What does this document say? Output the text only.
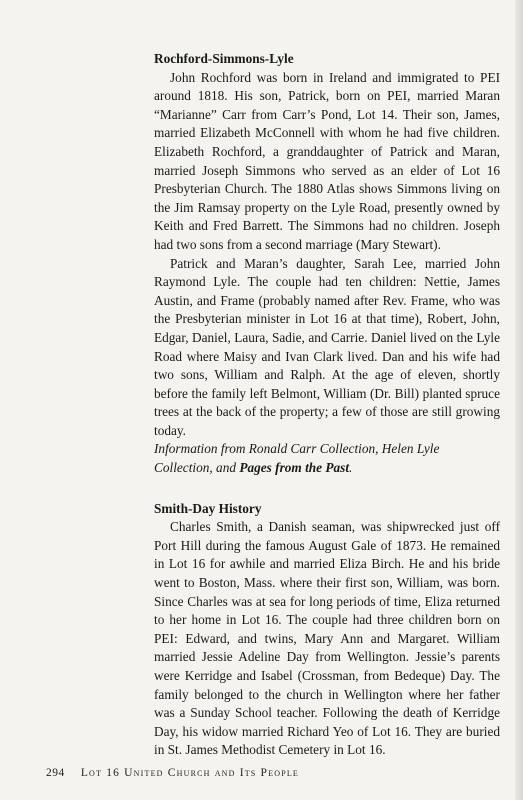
Rochford-Simmons-Lyle

John Rochford was born in Ireland and immigrated to PEI around 1818. His son, Patrick, born on PEI, married Maran “Marianne” Carr from Carr’s Pond, Lot 14. Their son, James, married Elizabeth McConnell with whom he had five children. Elizabeth Rochford, a granddaughter of Patrick and Maran, married Joseph Simmons who served as an elder of Lot 16 Presbyterian Church. The 1880 Atlas shows Simmons living on the Jim Ramsay property on the Lyle Road, presently owned by Keith and Fred Barrett. The Simmons had no children. Joseph had two sons from a second marriage (Mary Stewart).

Patrick and Maran’s daughter, Sarah Lee, married John Raymond Lyle. The couple had ten children: Nettie, James Austin, and Frame (probably named after Rev. Frame, who was the Presbyterian minister in Lot 16 at that time), Robert, John, Edgar, Daniel, Laura, Sadie, and Carrie. Daniel lived on the Lyle Road where Maisy and Ivan Clark lived. Dan and his wife had two sons, William and Ralph. At the age of eleven, shortly before the family left Belmont, William (Dr. Bill) planted spruce trees at the back of the property; a few of those are still growing today.

Information from Ronald Carr Collection, Helen Lyle Collection, and Pages from the Past.

Smith-Day History

Charles Smith, a Danish seaman, was shipwrecked just off Port Hill during the famous August Gale of 1873. He remained in Lot 16 for awhile and married Eliza Birch. He and his bride went to Boston, Mass. where their first son, William, was born. Since Charles was at sea for long periods of time, Eliza returned to her home in Lot 16. The couple had three children born on PEI: Edward, and twins, Mary Ann and Margaret. William married Jessie Adeline Day from Wellington. Jessie’s parents were Kerridge and Isabel (Crossman, from Bedeque) Day. The family belonged to the church in Wellington where her father was a Sunday School teacher. Following the death of Kerridge Day, his widow married Richard Yeo of Lot 16. They are buried in St. James Methodist Cemetery in Lot 16.

294 Lot 16 United Church and Its People
